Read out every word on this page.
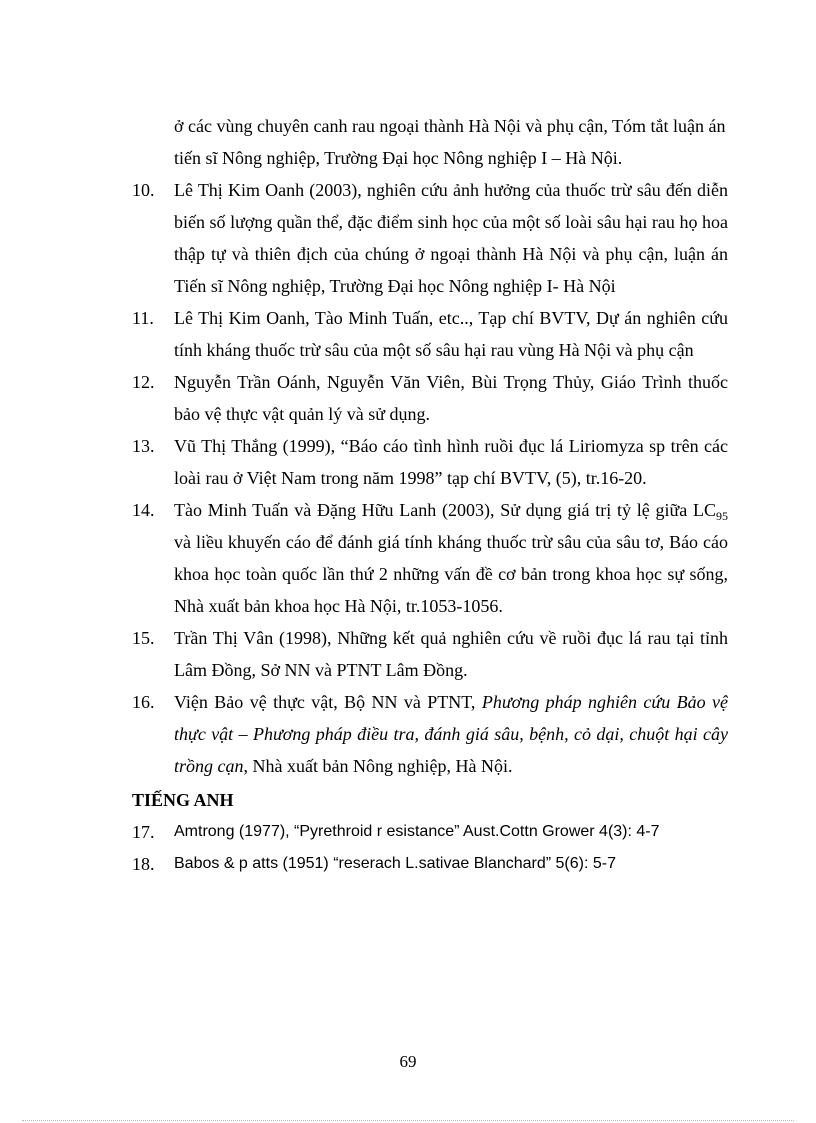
ở các vùng chuyên canh rau ngoại thành Hà Nội và phụ cận, Tóm tắt luận án tiến sĩ Nông nghiệp, Trường Đại học Nông nghiệp I – Hà Nội.
10. Lê Thị Kim Oanh (2003), nghiên cứu ảnh hưởng của thuốc trừ sâu đến diễn biến số lượng quần thể, đặc điểm sinh học của một số loài sâu hại rau họ hoa thập tự và thiên địch của chúng ở ngoại thành Hà Nội và phụ cận, luận án Tiến sĩ Nông nghiệp, Trường Đại học Nông nghiệp I- Hà Nội
11. Lê Thị Kim Oanh, Tào Minh Tuấn, etc.., Tạp chí BVTV, Dự án nghiên cứu tính kháng thuốc trừ sâu của một số sâu hại rau vùng Hà Nội và phụ cận
12. Nguyễn Trần Oánh, Nguyễn Văn Viên, Bùi Trọng Thủy, Giáo Trình thuốc bảo vệ thực vật quản lý và sử dụng.
13. Vũ Thị Thắng (1999), “Báo cáo tình hình ruồi đục lá Liriomyza sp trên các loài rau ở Việt Nam trong năm 1998” tạp chí BVTV, (5), tr.16-20.
14. Tào Minh Tuấn và Đặng Hữu Lanh (2003), Sử dụng giá trị tỷ lệ giữa $LC_{95}$ và liều khuyến cáo để đánh giá tính kháng thuốc trừ sâu của sâu tơ, Báo cáo khoa học toàn quốc lần thứ 2 những vấn đề cơ bản trong khoa học sự sống, Nhà xuất bản khoa học Hà Nội, tr.1053-1056.
15. Trần Thị Vân (1998), Những kết quả nghiên cứu về ruồi đục lá rau tại tỉnh Lâm Đồng, Sở NN và PTNT Lâm Đồng.
16. Viện Bảo vệ thực vật, Bộ NN và PTNT, Phương pháp nghiên cứu Bảo vệ thực vật – Phương pháp điều tra, đánh giá sâu, bệnh, cỏ dại, chuột hại cây trồng cạn, Nhà xuất bản Nông nghiệp, Hà Nội.
TIẾNG ANH
17. Amtrong (1977), “Pyrethroid r esistance” Aust.Cottn Grower 4(3): 4-7
18. Babos & p atts (1951) “reserach L.sativae Blanchard” 5(6): 5-7
69
